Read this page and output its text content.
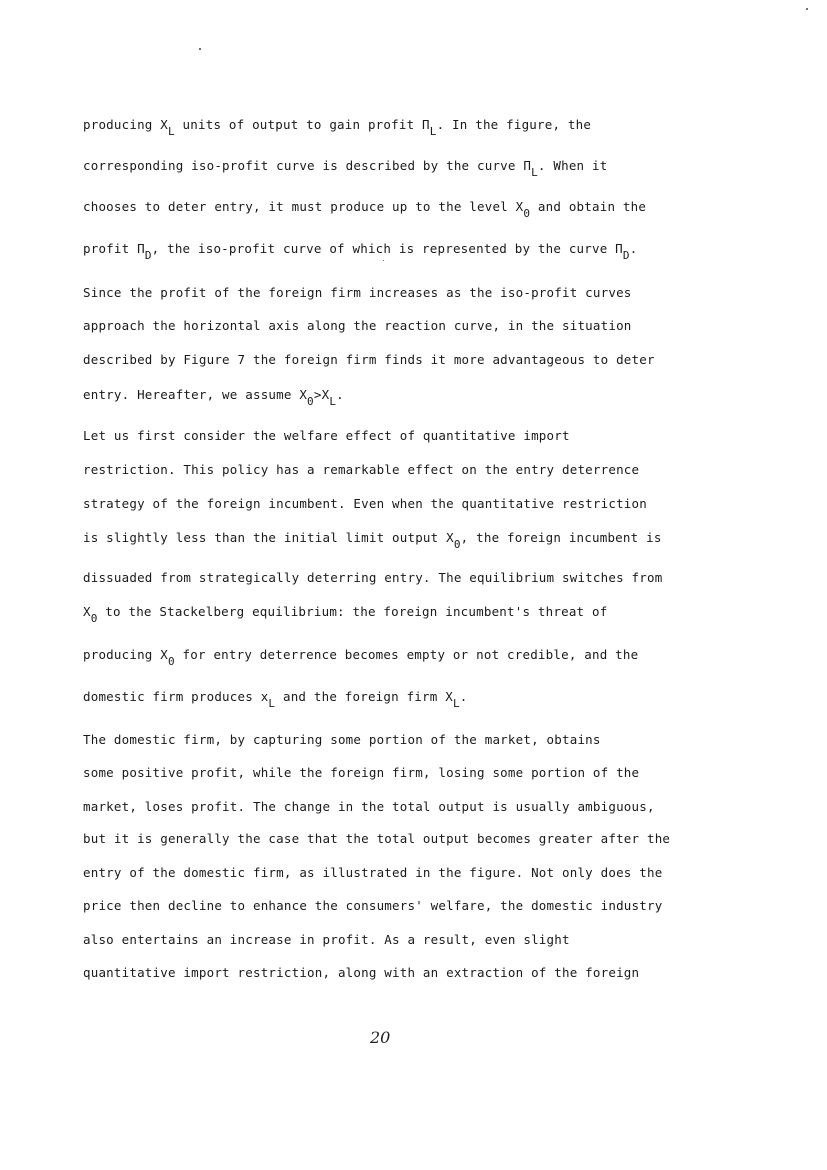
producing XL units of output to gain profit ΠL. In the figure, the
corresponding iso-profit curve is described by the curve ΠL. When it
chooses to deter entry, it must produce up to the level X0 and obtain the
profit ΠD, the iso-profit curve of which is represented by the curve ΠD.
Since the profit of the foreign firm increases as the iso-profit curves
approach the horizontal axis along the reaction curve, in the situation
described by Figure 7 the foreign firm finds it more advantageous to deter
entry. Hereafter, we assume X0>XL.
Let us first consider the welfare effect of quantitative import
restriction. This policy has a remarkable effect on the entry deterrence
strategy of the foreign incumbent. Even when the quantitative restriction
is slightly less than the initial limit output X0, the foreign incumbent is
dissuaded from strategically deterring entry. The equilibrium switches from
X0 to the Stackelberg equilibrium: the foreign incumbent's threat of
producing X0 for entry deterrence becomes empty or not credible, and the
domestic firm produces xL and the foreign firm XL.
The domestic firm, by capturing some portion of the market, obtains
some positive profit, while the foreign firm, losing some portion of the
market, loses profit. The change in the total output is usually ambiguous,
but it is generally the case that the total output becomes greater after the
entry of the domestic firm, as illustrated in the figure. Not only does the
price then decline to enhance the consumers' welfare, the domestic industry
also entertains an increase in profit. As a result, even slight
quantitative import restriction, along with an extraction of the foreign
20
